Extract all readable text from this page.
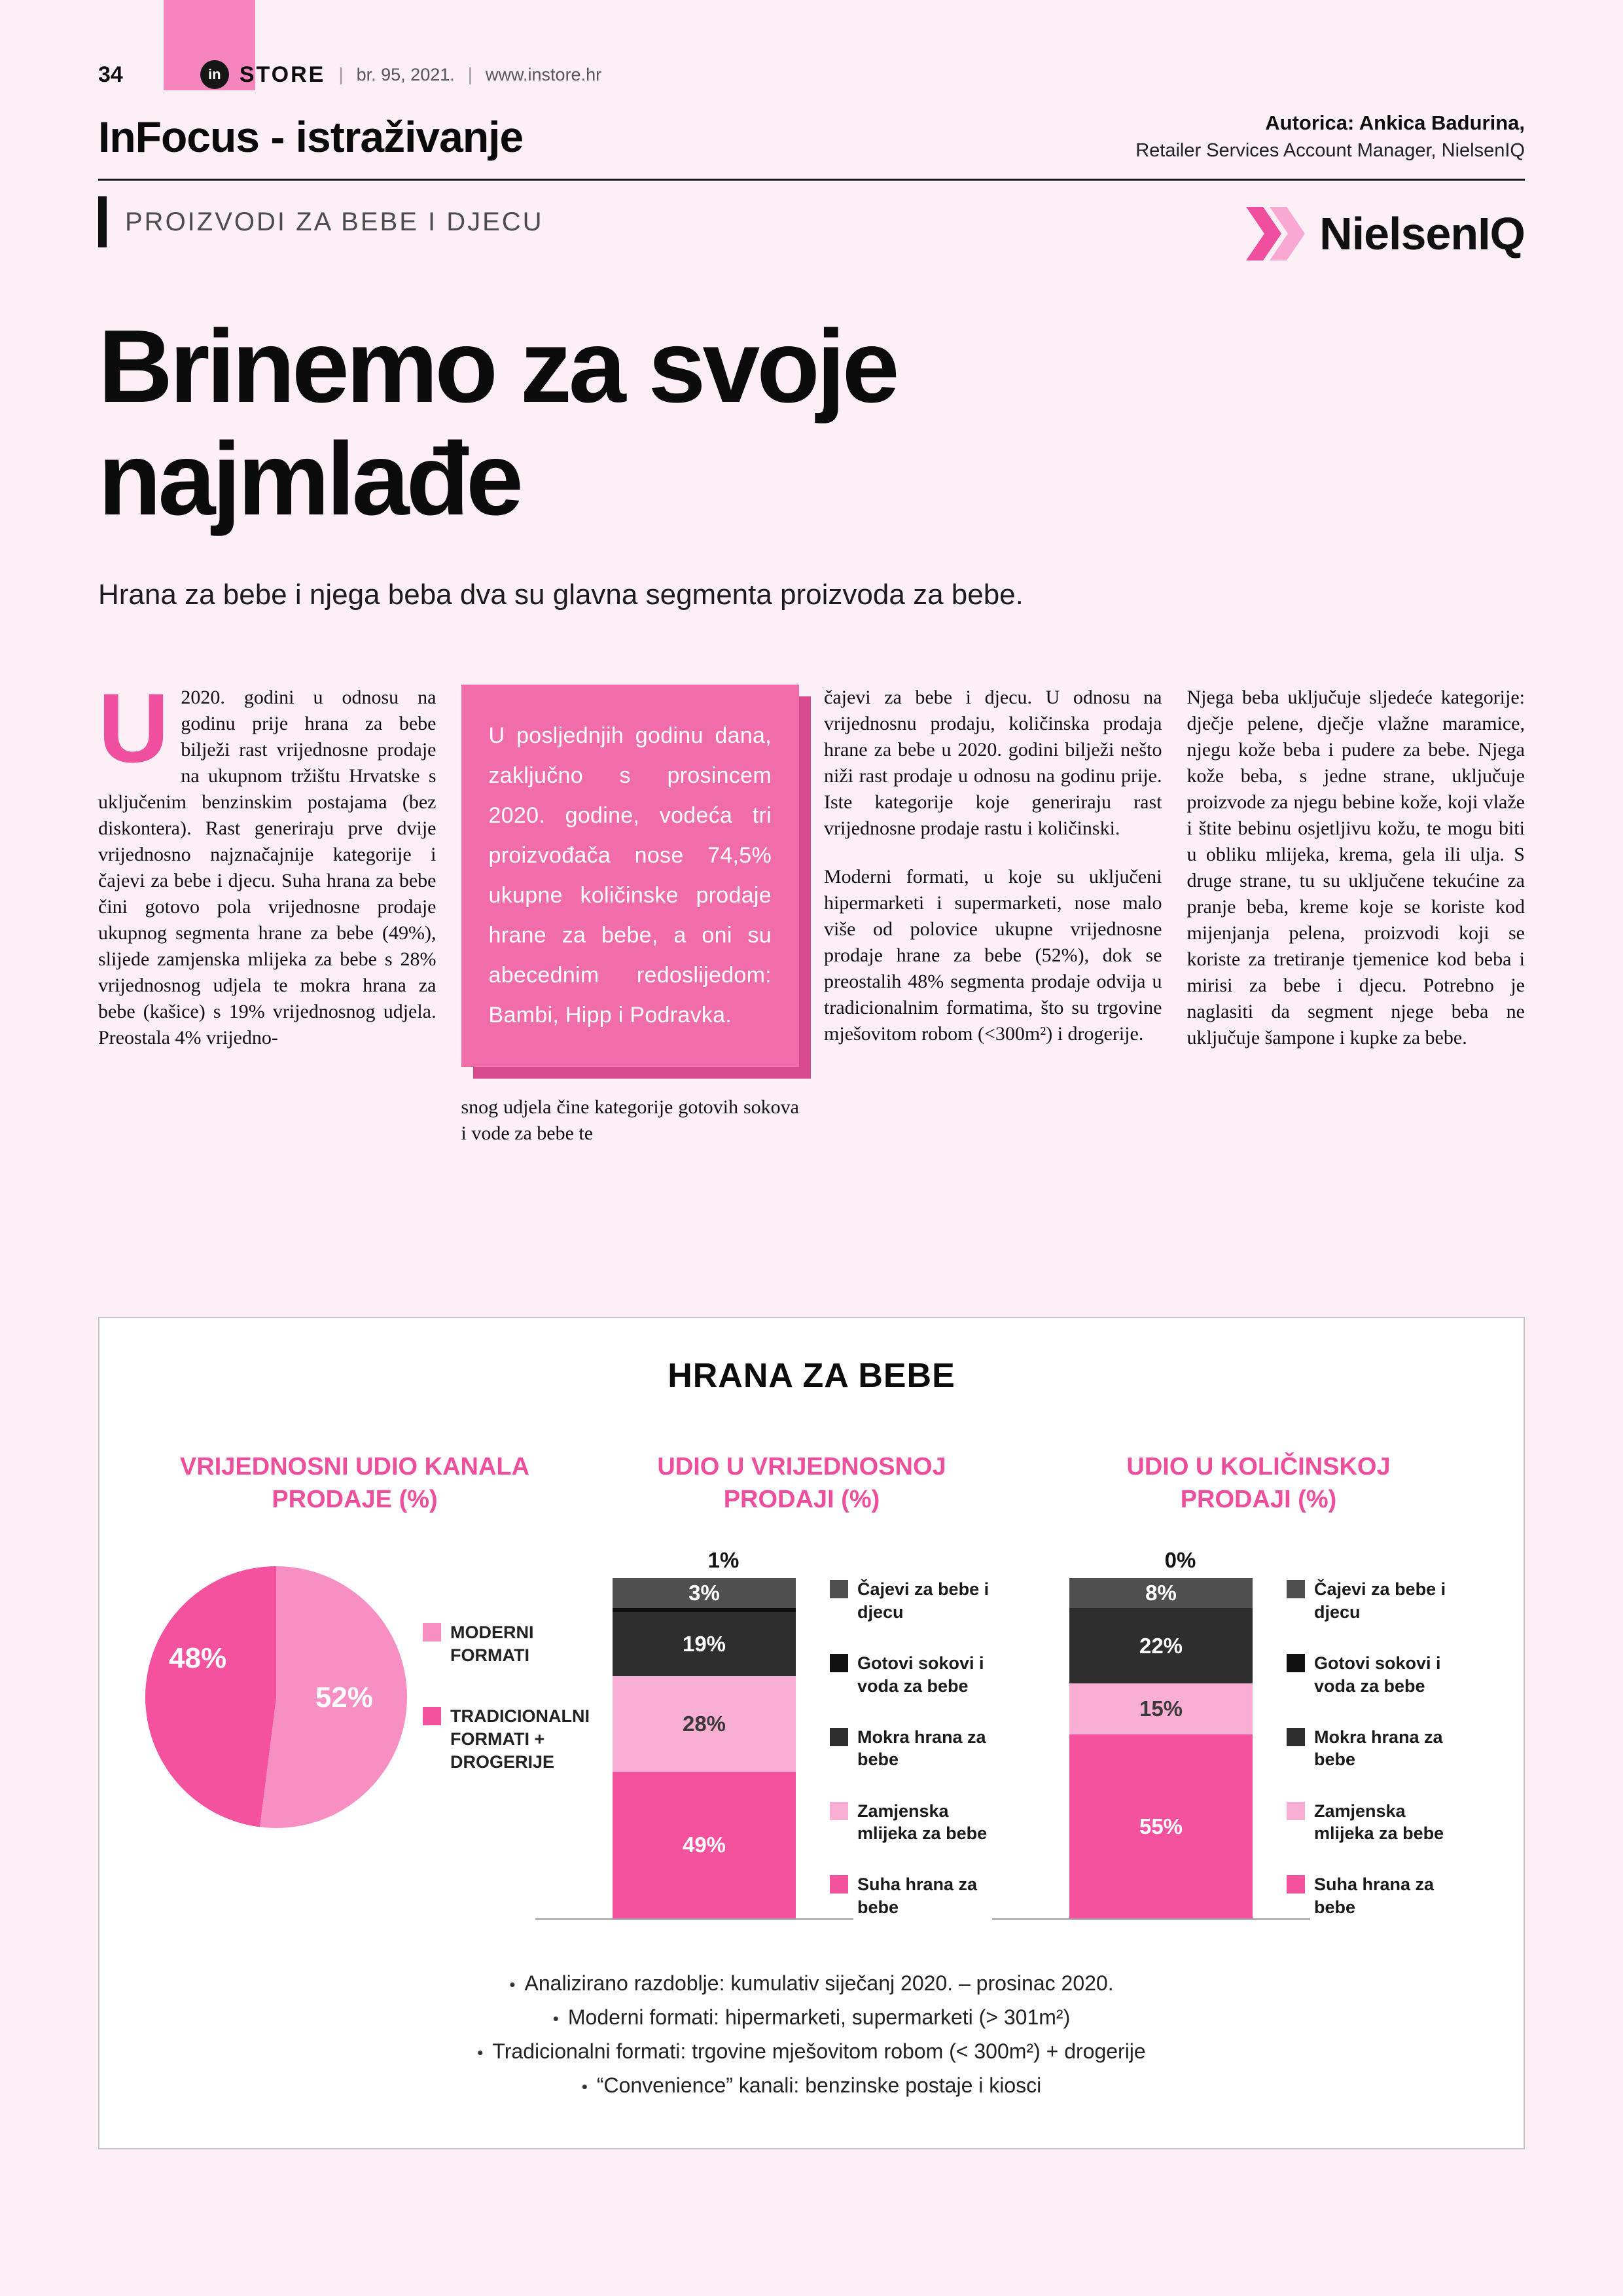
34	in STORE | br. 95, 2021. | www.instore.hr
InFocus - istraživanje	Autorica: Ankica Badurina,
Retailer Services Account Manager, NielsenIQ
PROIZVODI ZA BEBE I DJECU	NielsenIQ
Brinemo za svoje
najmlađe

Hrana za bebe i njega beba dva su glavna segmenta proizvoda za bebe.

U 2020. godini u odnosu na godinu prije hrana za bebe bilježi rast vrijednosne prodaje na ukupnom tržištu Hrvatske s uključenim benzinskim postajama (bez diskontera). Rast generiraju prve dvije vrijednosno najznačajnije kategorije i čajevi za bebe i djecu. Suha hrana za bebe čini gotovo pola vrijednosne prodaje ukupnog segmenta hrane za bebe (49%), slijede zamjenska mlijeka za bebe s 28% vrijednosnog udjela te mokra hrana za bebe (kašice) s 19% vrijednosnog udjela. Preostala 4% vrijedno-

U posljednjih godinu dana, zaključno s prosincem 2020. godine, vodeća tri proizvođača nose 74,5% ukupne količinske prodaje hrane za bebe, a oni su abecednim redoslijedom: Bambi, Hipp i Podravka.

snog udjela čine kategorije gotovih sokova i vode za bebe te

čajevi za bebe i djecu. U odnosu na vrijednosnu prodaju, količinska prodaja hrane za bebe u 2020. godini bilježi nešto niži rast prodaje u odnosu na godinu prije. Iste kategorije koje generiraju rast vrijednosne prodaje rastu i količinski.

Moderni formati, u koje su uključeni hipermarketi i supermarketi, nose malo više od polovice ukupne vrijednosne prodaje hrane za bebe (52%), dok se preostalih 48% segmenta prodaje odvija u tradicionalnim formatima, što su trgovine mješovitom robom (<300m²) i drogerije.

Njega beba uključuje sljedeće kategorije: dječje pelene, dječje vlažne maramice, njegu kože beba i pudere za bebe. Njega kože beba, s jedne strane, uključuje proizvode za njegu bebine kože, koji vlaže i štite bebinu osjetljivu kožu, te mogu biti u obliku mlijeka, krema, gela ili ulja. S druge strane, tu su uključene tekućine za pranje beba, kreme koje se koriste kod mijenjanja pelena, proizvodi koji se koriste za tretiranje tjemenice kod beba i mirisi za bebe i djecu. Potrebno je naglasiti da segment njege beba ne uključuje šampone i kupke za bebe.

HRANA ZA BEBE
VRIJEDNOSNI UDIO KANALA PRODAJE (%)
48%
52%
MODERNI FORMATI
TRADICIONALNI FORMATI + DROGERIJE
UDIO U VRIJEDNOSNOJ PRODAJI (%)
1%
3%
19%
28%
49%
Čajevi za bebe i djecu
Gotovi sokovi i voda za bebe
Mokra hrana za bebe
Zamjenska mlijeka za bebe
Suha hrana za bebe
UDIO U KOLIČINSKOJ PRODAJI (%)
0%
8%
22%
15%
55%
Čajevi za bebe i djecu
Gotovi sokovi i voda za bebe
Mokra hrana za bebe
Zamjenska mlijeka za bebe
Suha hrana za bebe
• Analizirano razdoblje: kumulativ siječanj 2020. – prosinac 2020.
• Moderni formati: hipermarketi, supermarketi (> 301m²)
• Tradicionalni formati: trgovine mješovitom robom (< 300m²) + drogerije
• “Convenience” kanali: benzinske postaje i kiosci
